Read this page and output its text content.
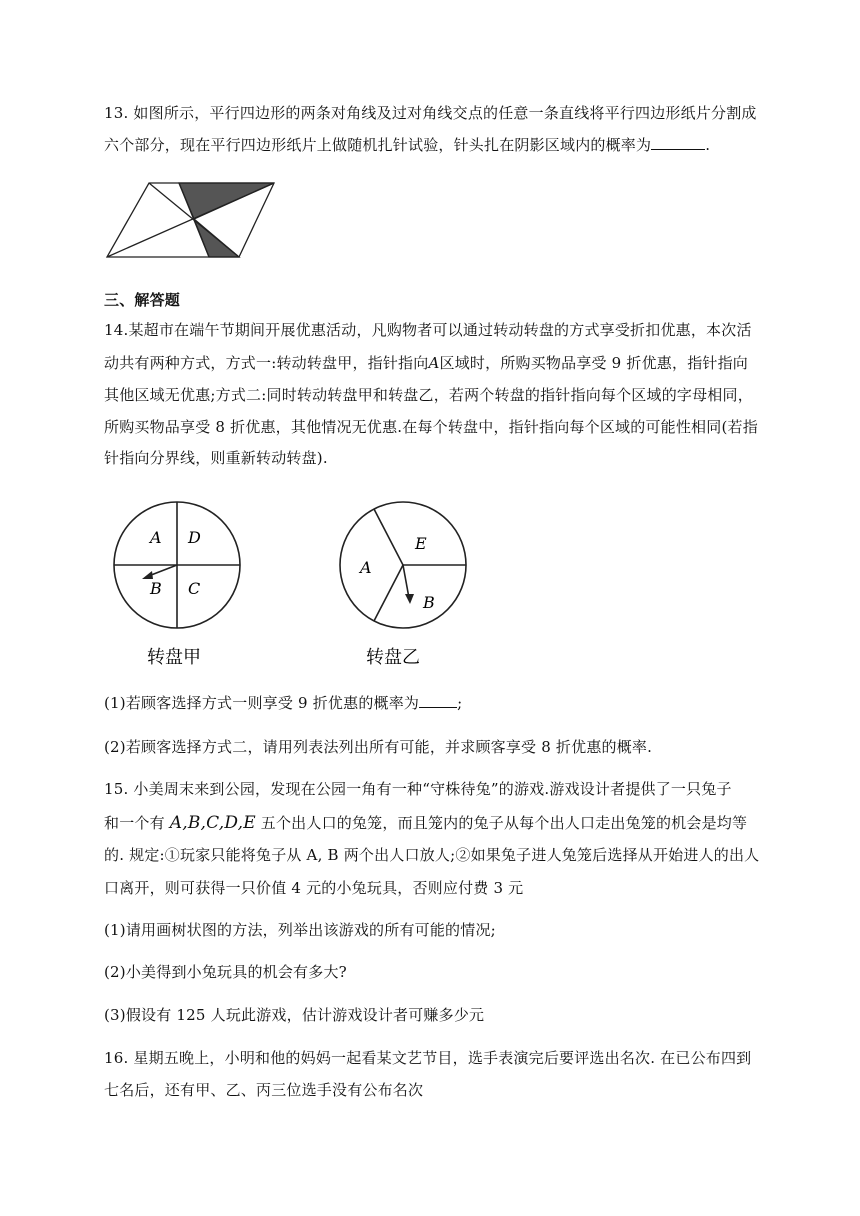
13. 如图所示，平行四边形的两条对角线及过对角线交点的任意一条直线将平行四边形纸片分割成
六个部分，现在平行四边形纸片上做随机扎针试验，针头扎在阴影区域内的概率为	.
三、解答题
14.某超市在端午节期间开展优惠活动，凡购物者可以通过转动转盘的方式享受折扣优惠，本次活
动共有两种方式，方式一:转动转盘甲，指针指向A区域时，所购买物品享受 9 折优惠，指针指向
其他区域无优惠;方式二:同时转动转盘甲和转盘乙，若两个转盘的指针指向每个区域的字母相同，
所购买物品享受 8 折优惠，其他情况无优惠.在每个转盘中，指针指向每个区域的可能性相同(若指
针指向分界线，则重新转动转盘).
A D
B C
转盘甲
E
A
B
转盘乙
(1)若顾客选择方式一则享受 9 折优惠的概率为	;
(2)若顾客选择方式二，请用列表法列出所有可能，并求顾客享受 8 折优惠的概率.
15. 小美周末来到公园，发现在公园一角有一种“守株待兔”的游戏.游戏设计者提供了一只兔子
和一个有 A,B,C,D,E 五个出人口的兔笼，而且笼内的兔子从每个出人口走出兔笼的机会是均等
的. 规定:①玩家只能将兔子从 A, B 两个出人口放人;②如果兔子进人兔笼后选择从开始进人的出人
口离开，则可获得一只价值 4 元的小兔玩具，否则应付费 3 元
(1)请用画树状图的方法，列举出该游戏的所有可能的情况;
(2)小美得到小兔玩具的机会有多大?
(3)假设有 125 人玩此游戏，估计游戏设计者可赚多少元
16. 星期五晚上，小明和他的妈妈一起看某文艺节目，选手表演完后要评选出名次. 在已公布四到
七名后，还有甲、乙、丙三位选手没有公布名次
